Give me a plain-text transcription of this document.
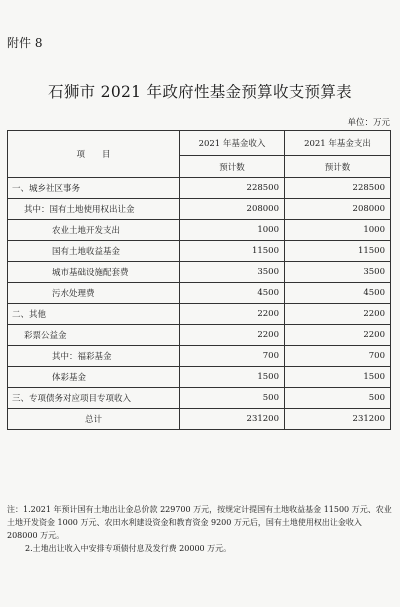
附件 8
石狮市 2021 年政府性基金预算收支预算表
单位：万元
项　　目	2021 年基金收入	2021 年基金支出
	预计数	预计数
一、城乡社区事务	228500	228500
其中：国有土地使用权出让金	208000	208000
农业土地开发支出	1000	1000
国有土地收益基金	11500	11500
城市基础设施配套费	3500	3500
污水处理费	4500	4500
二、其他	2200	2200
彩票公益金	2200	2200
其中：福彩基金	700	700
体彩基金	1500	1500
三、专项债务对应项目专项收入	500	500
总计	231200	231200

注：1.2021 年预计国有土地出让金总价款 229700 万元，按规定计提国有土地收益基金 11500 万元、农业土地开发资金 1000 万元、农田水利建设资金和教育资金 9200 万元后，国有土地使用权出让金收入 208000 万元。

2.土地出让收入中安排专项债付息及发行费 20000 万元。
